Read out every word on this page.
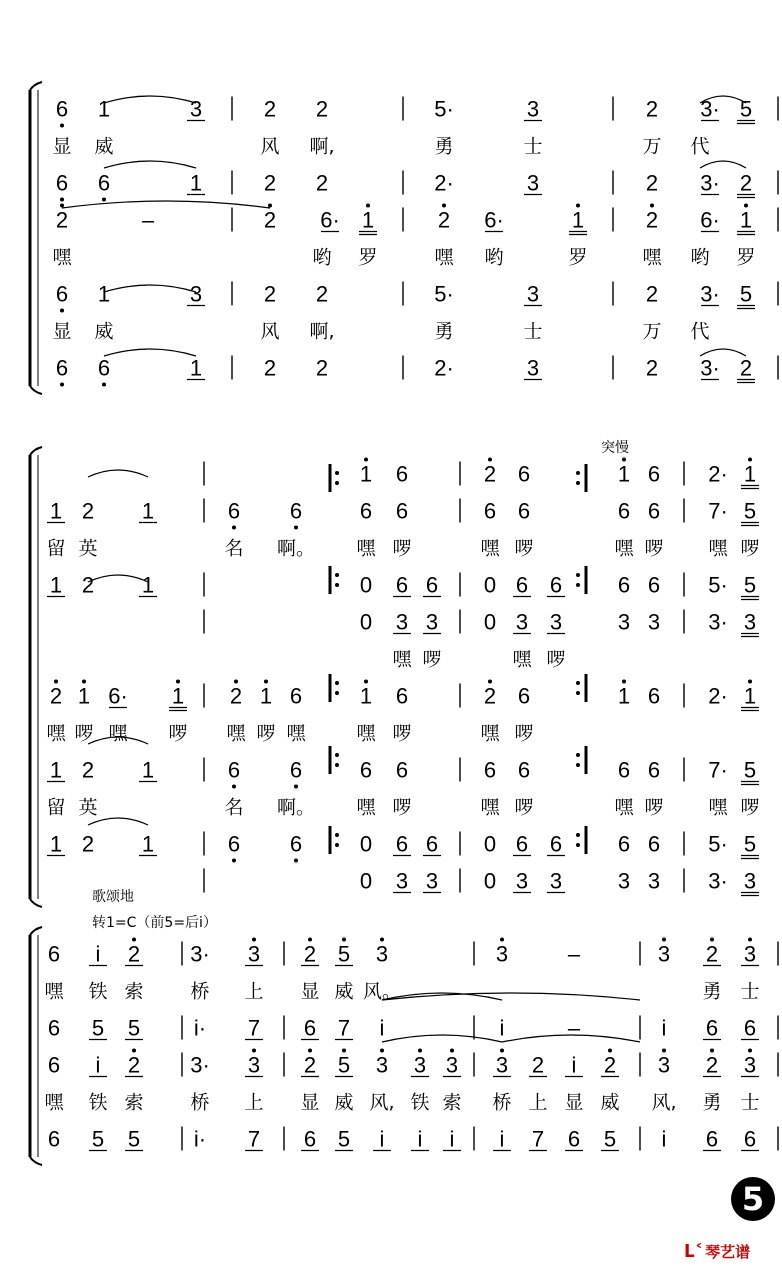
6 1	3	2 2	5·	3	2 3· 5
显 威	风 啊,	勇	士	万 代
6 6	1	2 2	2·	3	2 3· 2
2	–	2 6· 1	2 6·	1	2 6· 1
嘿	哟 罗	嘿 哟	罗	嘿 哟 罗
6 1	3	2 2	5·	3	2 3· 5
显 威	风 啊,	勇	士	万 代
6 6	1	2 2	2·	3	2 3· 2
1 6	2 6	1 6 2· 1
1 2 1	6 6	6 6	6 6	6 6 7· 5
留 英	名 啊。 嘿 啰	嘿 啰	嘿 啰 嘿 啰
1 2 1	0 6 6 0 6 6	6 6 5· 5
0 3 3 0 3 3	3 3 3· 3
嘿 啰	嘿 啰
2 1 6· 1 2 1 6	1 6	2 6	1 6 2· 1
嘿 啰 嘿 啰 嘿 啰 嘿	嘿 啰	嘿 啰
1 2 1	6 6	6 6	6 6	6 6 7· 5
留 英	名 啊。 嘿 啰	嘿 啰	嘿 啰 嘿 啰
1 2 1	6 6	0 6 6 0 6 6	6 6 5· 5
0 3 3 0 3 3	3 3 3· 3
6 i 2 3· 3 2 5 3	3	–	3 2 3
嘿 铁 索 桥 上 显 威 风。	勇 士
6 5 5 i· 7 6 7 i	i	–	i 6 6
6 i 2 3· 3 2 5 3 3 3 3 2 i 2 3 2 3
嘿 铁 索 桥 上 显 威 风, 铁 索 桥 上 显 威 风, 勇 士
6 5 5 i· 7 6 5 i i i i 7 6 5 i 6 6
突慢
歌颂地
转1=C（前5=后i）
5
ᒪ˂ 琴艺谱
